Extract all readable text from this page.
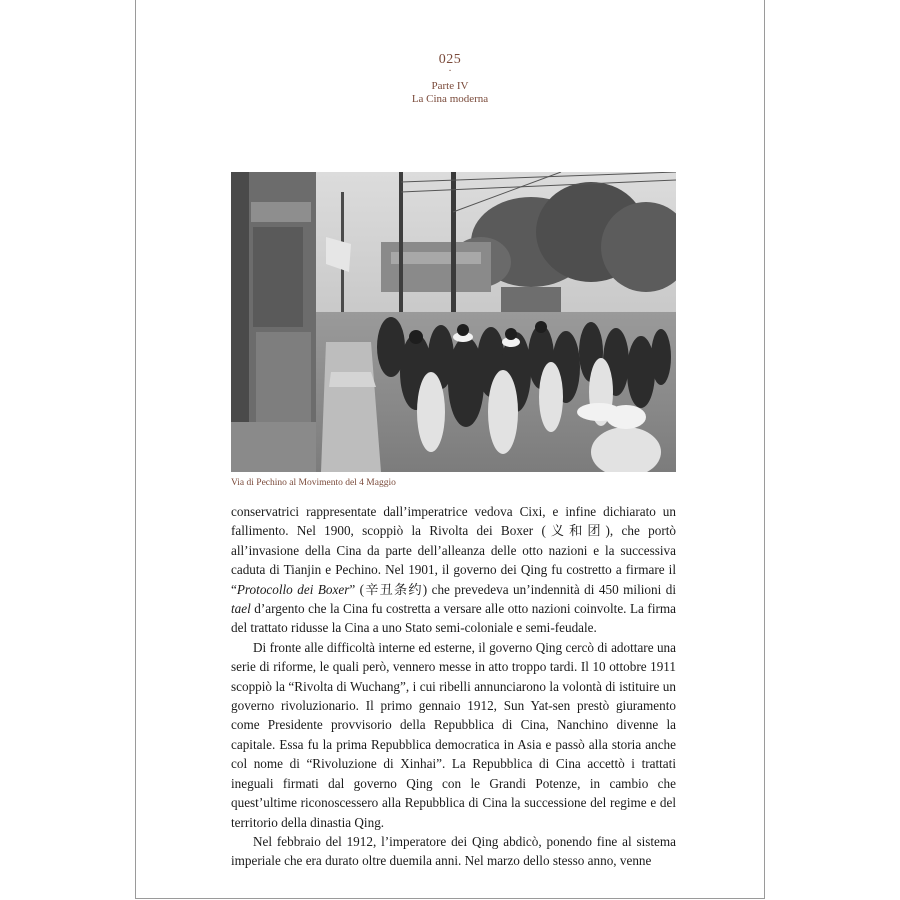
025
·
Parte IV
La Cina moderna
Via di Pechino al Movimento del 4 Maggio

conservatrici rappresentate dall’imperatrice vedova Cixi, e infine dichiarato un fallimento. Nel 1900, scoppiò la Rivolta dei Boxer (义和团), che portò all’invasione della Cina da parte dell’alleanza delle otto nazioni e la successiva caduta di Tianjin e Pechino. Nel 1901, il governo dei Qing fu costretto a firmare il “Protocollo dei Boxer” (辛丑条约) che prevedeva un’indennità di 450 milioni di tael d’argento che la Cina fu costretta a versare alle otto nazioni coinvolte. La firma del trattato ridusse la Cina a uno Stato semi-coloniale e semi-feudale.

Di fronte alle difficoltà interne ed esterne, il governo Qing cercò di adottare una serie di riforme, le quali però, vennero messe in atto troppo tardi. Il 10 ottobre 1911 scoppiò la “Rivolta di Wuchang”, i cui ribelli annunciarono la volontà di istituire un governo rivoluzionario. Il primo gennaio 1912, Sun Yat-sen prestò giuramento come Presidente provvisorio della Repubblica di Cina, Nanchino divenne la capitale. Essa fu la prima Repubblica democratica in Asia e passò alla storia anche col nome di “Rivoluzione di Xinhai”. La Repubblica di Cina accettò i trattati ineguali firmati dal governo Qing con le Grandi Potenze, in cambio che quest’ultime riconoscessero alla Repubblica di Cina la successione del regime e del territorio della dinastia Qing.

Nel febbraio del 1912, l’imperatore dei Qing abdicò, ponendo fine al sistema imperiale che era durato oltre duemila anni. Nel marzo dello stesso anno, venne
